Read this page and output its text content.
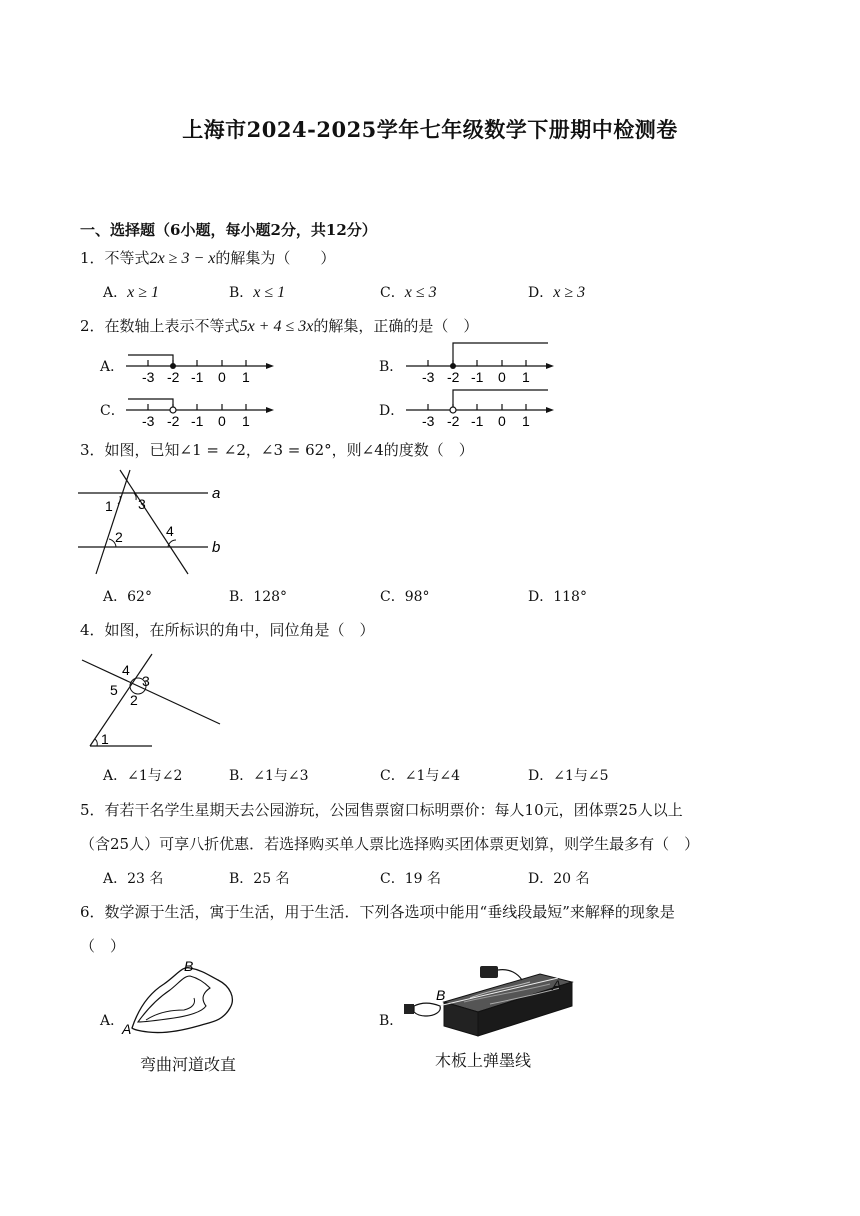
上海市2024-2025学年七年级数学下册期中检测卷
一、选择题（6小题，每小题2分，共12分）
1．不等式2x ≥ 3 − x的解集为（　　）
A．x ≥ 1	B．x ≤ 1	C．x ≤ 3	D．x ≥ 3
2．在数轴上表示不等式5x + 4 ≤ 3x的解集，正确的是（　）
A．	B．
C．	D．
-3 -2 -1 0 1	-3 -2 -1 0 1
-3 -2 -1 0 1	-3 -2 -1 0 1
3．如图，已知∠1 = ∠2，∠3 = 62°，则∠4的度数（　）
a
b
1
2
3
4
A．62°	B．128°	C．98°	D．118°
4．如图，在所标识的角中，同位角是（　）
4
3
5
2
1
A．∠1与∠2	B．∠1与∠3	C．∠1与∠4	D．∠1与∠5
5．有若干名学生星期天去公园游玩，公园售票窗口标明票价：每人10元，团体票25人以上
（含25人）可享八折优惠．若选择购买单人票比选择购买团体票更划算，则学生最多有（　）
A．23 名	B．25 名	C．19 名	D．20 名
6．数学源于生活，寓于生活，用于生活．下列各选项中能用“垂线段最短”来解释的现象是
（　）
A．	B．
A
B
弯曲河道改直
B
A
木板上弹墨线
